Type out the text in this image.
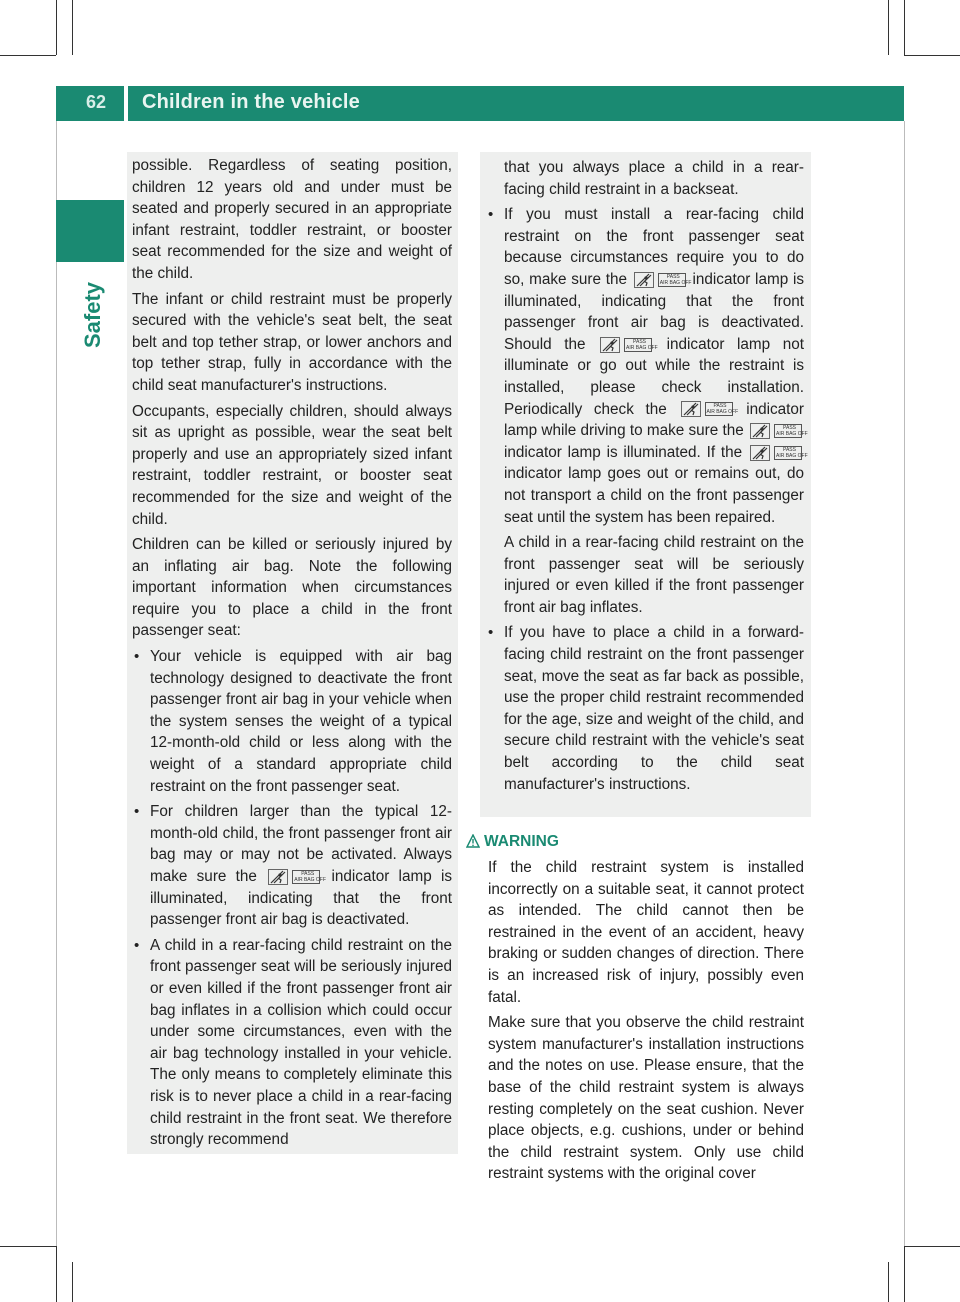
62 Children in the vehicle
Safety

possible. Regardless of seating position, children 12 years old and under must be seated and properly secured in an appropriate infant restraint, toddler restraint, or booster seat recommended for the size and weight of the child.

The infant or child restraint must be properly secured with the vehicle's seat belt, the seat belt and top tether strap, or lower anchors and top tether strap, fully in accordance with the child seat manufacturer's instructions.

Occupants, especially children, should always sit as upright as possible, wear the seat belt properly and use an appropriately sized infant restraint, toddler restraint, or booster seat recommended for the size and weight of the child.

Children can be killed or seriously injured by an inflating air bag. Note the following important information when circumstances require you to place a child in the front passenger seat:

• Your vehicle is equipped with air bag technology designed to deactivate the front passenger front air bag in your vehicle when the system senses the weight of a typical 12-month-old child or less along with the weight of a standard appropriate child restraint on the front passenger seat.
• For children larger than the typical 12-month-old child, the front passenger front air bag may or may not be activated. Always make sure the	PASS
AIR BAG OFF indicator lamp is illuminated, indicating that the front passenger front air bag is deactivated.
• A child in a rear-facing child restraint on the front passenger seat will be seriously injured or even killed if the front passenger front air bag inflates in a collision which could occur under some circumstances, even with the air bag technology installed in your vehicle. The only means to completely eliminate this risk is to never place a child in a rear-facing child restraint in the front seat. We therefore strongly recommend

that you always place a child in a rear-facing child restraint in a backseat.

• If you must install a rear-facing child restraint on the front passenger seat because circumstances require you to do so, make sure the	PASS
AIR BAG OFF indicator lamp is illuminated, indicating that the front passenger front air bag is deactivated. Should the	PASS
AIR BAG OFF indicator lamp not illuminate or go out while the restraint is installed, please check installation. Periodically check the	PASS
AIR BAG OFF indicator lamp while driving to make sure the	PASS
AIR BAG OFF
indicator lamp is illuminated. If the	PASS
AIR BAG OFF
indicator lamp goes out or remains out, do not transport a child on the front passenger seat until the system has been repaired.

A child in a rear-facing child restraint on the front passenger seat will be seriously injured or even killed if the front passenger front air bag inflates.

• If you have to place a child in a forward-facing child restraint on the front passenger seat, move the seat as far back as possible, use the proper child restraint recommended for the age, size and weight of the child, and secure child restraint with the vehicle's seat belt according to the child seat manufacturer's instructions.
WARNING

If the child restraint system is installed incorrectly on a suitable seat, it cannot protect as intended. The child cannot then be restrained in the event of an accident, heavy braking or sudden changes of direction. There is an increased risk of injury, possibly even fatal.

Make sure that you observe the child restraint system manufacturer's installation instructions and the notes on use. Please ensure, that the base of the child restraint system is always resting completely on the seat cushion. Never place objects, e.g. cushions, under or behind the child restraint system. Only use child restraint systems with the original cover
